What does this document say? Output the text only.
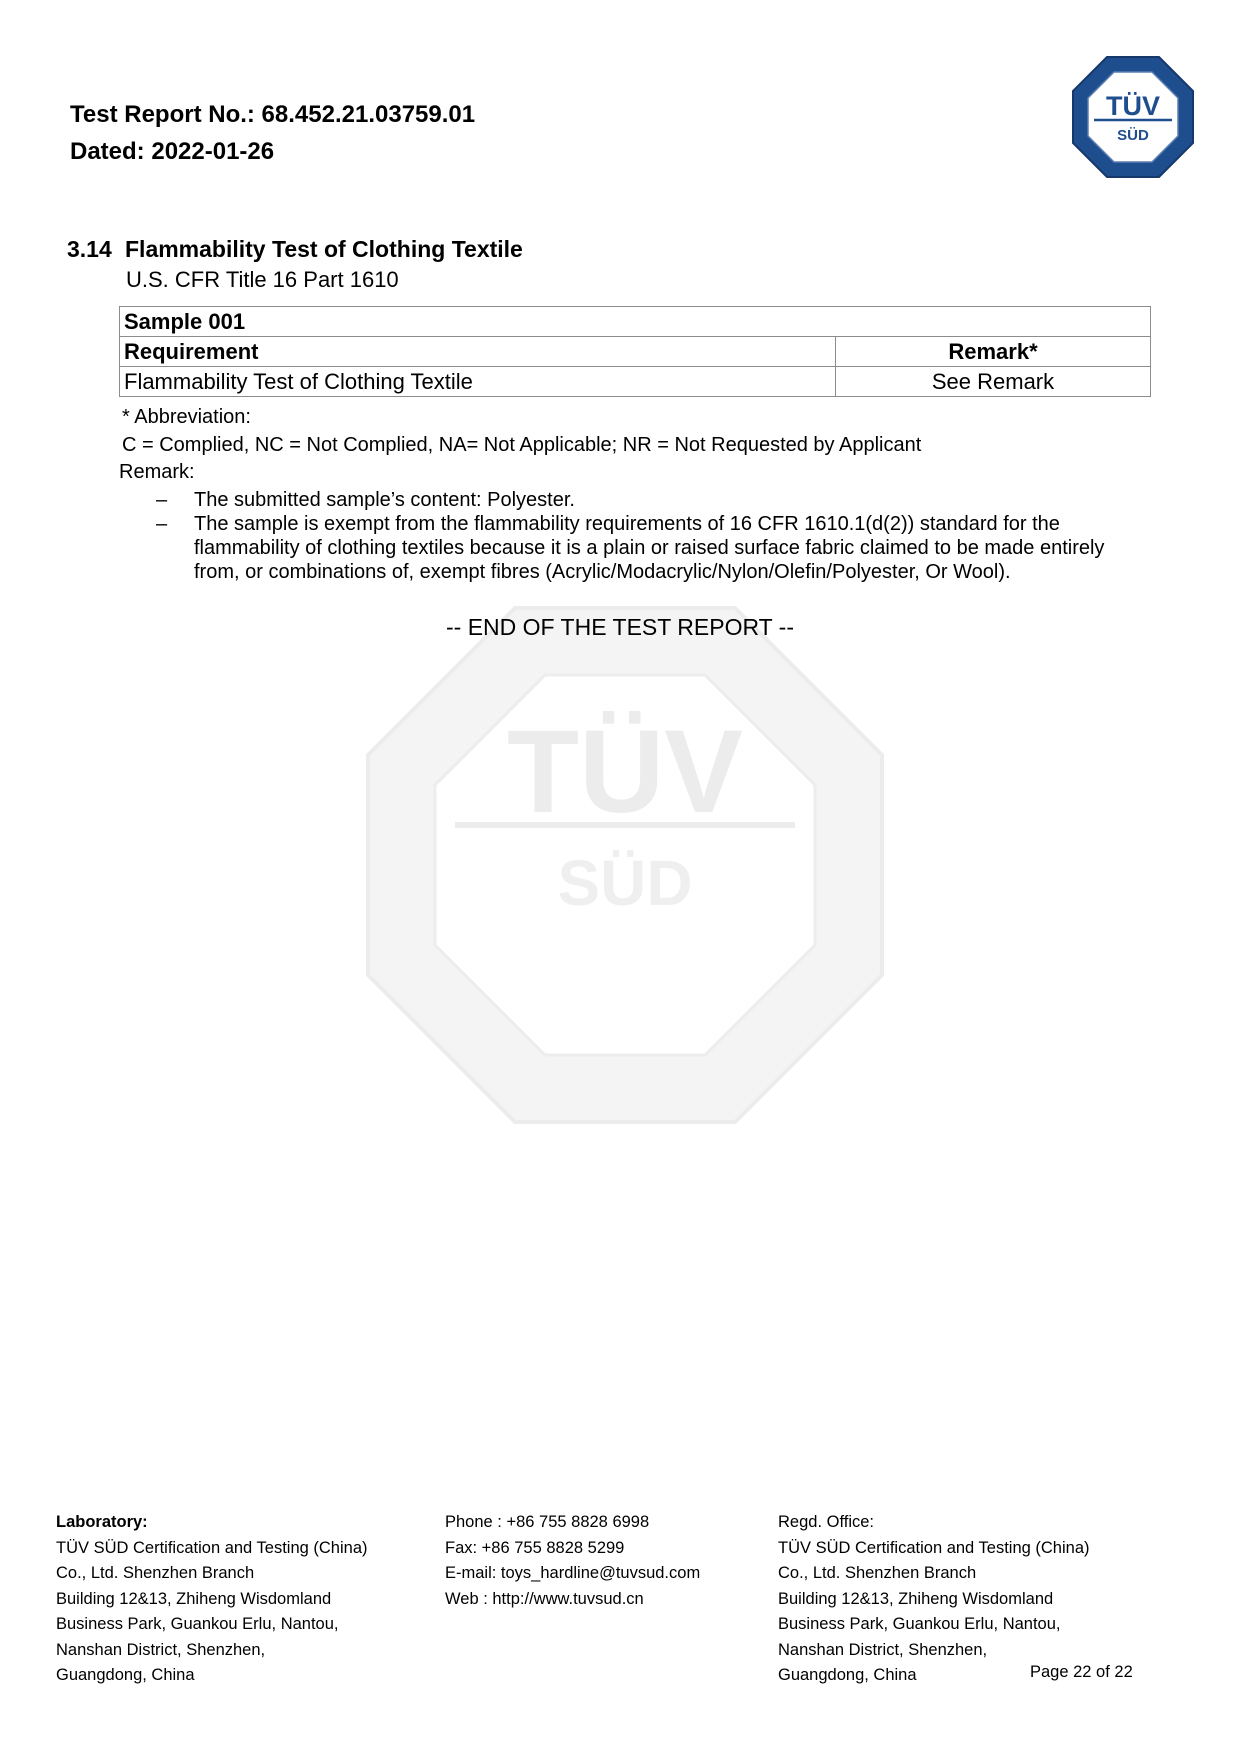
TÜV
SÜD

Test Report No.: 68.452.21.03759.01

Dated: 2022-01-26

TÜV
SÜD
3.14 Flammability Test of Clothing Textile
U.S. CFR Title 16 Part 1610
Sample 001	
Requirement	Remark*
Flammability Test of Clothing Textile	See Remark
* Abbreviation:
C = Complied, NC = Not Complied, NA= Not Applicable; NR = Not Requested by Applicant
Remark:
– The submitted sample’s content: Polyester.
– The sample is exempt from the flammability requirements of 16 CFR 1610.1(d(2)) standard for the flammability of clothing textiles because it is a plain or raised surface fabric claimed to be made entirely from, or combinations of, exempt fibres (Acrylic/Modacrylic/Nylon/Olefin/Polyester, Or Wool).
-- END OF THE TEST REPORT --

Laboratory:

TÜV SÜD Certification and Testing (China)

Co., Ltd. Shenzhen Branch

Building 12&13, Zhiheng Wisdomland

Business Park, Guankou Erlu, Nantou,

Nanshan District, Shenzhen,

Guangdong, China

Phone : +86 755 8828 6998

Fax: +86 755 8828 5299

E-mail: toys_hardline@tuvsud.com

Web : http://www.tuvsud.cn

Regd. Office:

TÜV SÜD Certification and Testing (China)

Co., Ltd. Shenzhen Branch

Building 12&13, Zhiheng Wisdomland

Business Park, Guankou Erlu, Nantou,

Nanshan District, Shenzhen,

Guangdong, China	Page 22 of 22
